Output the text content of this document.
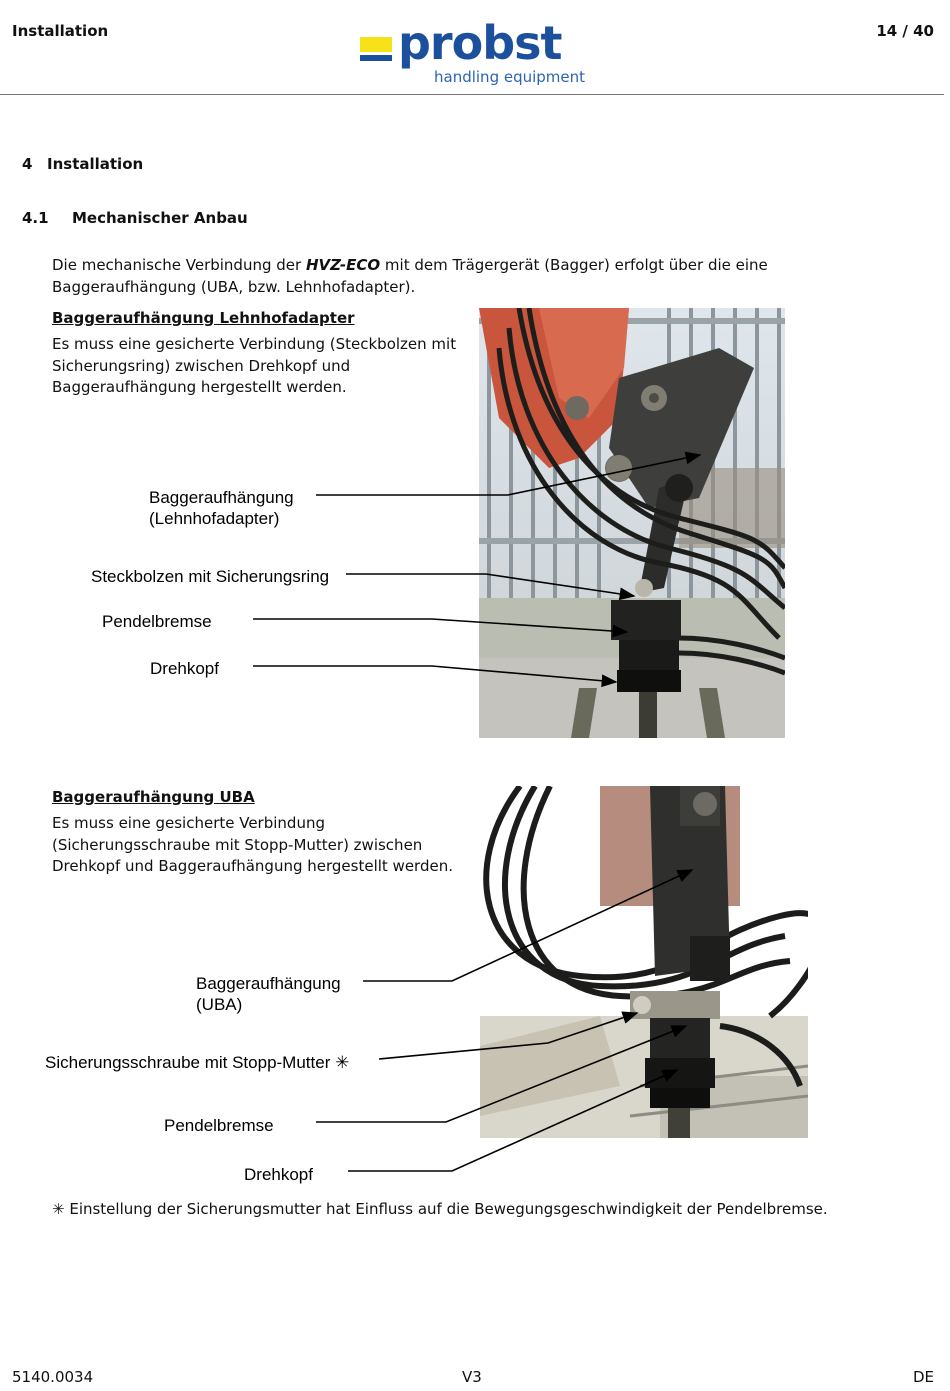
Installation	probst
handling equipment
14 / 40
4 Installation
4.1 Mechanischer Anbau
Die mechanische Verbindung der HVZ-ECO mit dem Trägergerät (Bagger) erfolgt über die eine Baggeraufhängung (UBA, bzw. Lehnhofadapter).
Baggeraufhängung Lehnhofadapter
Es muss eine gesicherte Verbindung (Steckbolzen mit Sicherungsring) zwischen Drehkopf und Baggeraufhängung hergestellt werden.
Baggeraufhängung UBA
Es muss eine gesicherte Verbindung (Sicherungsschraube mit Stopp-Mutter) zwischen Drehkopf und Baggeraufhängung hergestellt werden.
Baggeraufhängung
(Lehnhofadapter)
Steckbolzen mit Sicherungsring
Pendelbremse
Drehkopf
Baggeraufhängung
(UBA)
Sicherungsschraube mit Stopp-Mutter ✳
Pendelbremse
Drehkopf
✳ Einstellung der Sicherungsmutter hat Einfluss auf die Bewegungsgeschwindigkeit der Pendelbremse.
5140.0034	V3	DE
